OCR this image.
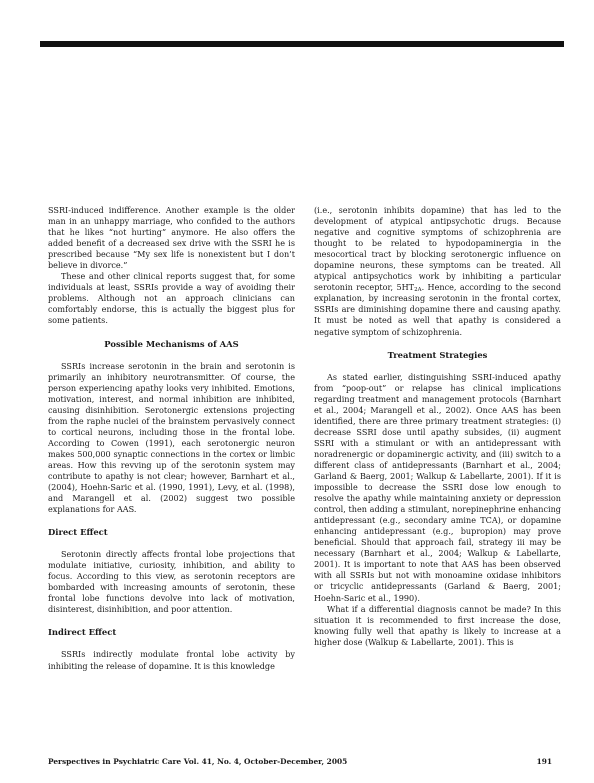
SSRI-induced indifference. Another example is the older man in an unhappy marriage, who confided to the authors that he likes “not hurting” anymore. He also offers the added benefit of a decreased sex drive with the SSRI he is prescribed because “My sex life is nonexistent but I don’t believe in divorce.”

These and other clinical reports suggest that, for some individuals at least, SSRIs provide a way of avoiding their problems. Although not an approach clinicians can comfortably endorse, this is actually the biggest plus for some patients.

Possible Mechanisms of AAS

SSRIs increase serotonin in the brain and serotonin is primarily an inhibitory neurotransmitter. Of course, the person experiencing apathy looks very inhibited. Emotions, motivation, interest, and normal inhibition are inhibited, causing disinhibition. Serotonergic extensions projecting from the raphe nuclei of the brainstem pervasively connect to cortical neurons, including those in the frontal lobe. According to Cowen (1991), each serotonergic neuron makes 500,000 synaptic connections in the cortex or limbic areas. How this revving up of the serotonin system may contribute to apathy is not clear; however, Barnhart et al., (2004), Hoehn-Saric et al. (1990, 1991), Levy, et al. (1998), and Marangell et al. (2002) suggest two possible explanations for AAS.

Direct Effect

Serotonin directly affects frontal lobe projections that modulate initiative, curiosity, inhibition, and ability to focus. According to this view, as serotonin receptors are bombarded with increasing amounts of serotonin, these frontal lobe functions devolve into lack of motivation, disinterest, disinhibition, and poor attention.

Indirect Effect

SSRIs indirectly modulate frontal lobe activity by inhibiting the release of dopamine. It is this knowledge

(i.e., serotonin inhibits dopamine) that has led to the development of atypical antipsychotic drugs. Because negative and cognitive symptoms of schizophrenia are thought to be related to hypodopaminergia in the mesocortical tract by blocking serotonergic influence on dopamine neurons, these symptoms can be treated. All atypical antipsychotics work by inhibiting a particular serotonin receptor, $5HT_{2A}$. Hence, according to the second explanation, by increasing serotonin in the frontal cortex, SSRIs are diminishing dopamine there and causing apathy. It must be noted as well that apathy is considered a negative symptom of schizophrenia.

Treatment Strategies

As stated earlier, distinguishing SSRI-induced apathy from “poop-out” or relapse has clinical implications regarding treatment and management protocols (Barnhart et al., 2004; Marangell et al., 2002). Once AAS has been identified, there are three primary treatment strategies: (i) decrease SSRI dose until apathy subsides, (ii) augment SSRI with a stimulant or with an antidepressant with noradrenergic or dopaminergic activity, and (iii) switch to a different class of antidepressants (Barnhart et al., 2004; Garland & Baerg, 2001; Walkup & Labellarte, 2001). If it is impossible to decrease the SSRI dose low enough to resolve the apathy while maintaining anxiety or depression control, then adding a stimulant, norepinephrine enhancing antidepressant (e.g., secondary amine TCA), or dopamine enhancing antidepressant (e.g., bupropion) may prove beneficial. Should that approach fail, strategy iii may be necessary (Barnhart et al., 2004; Walkup & Labellarte, 2001). It is important to note that AAS has been observed with all SSRIs but not with monoamine oxidase inhibitors or tricyclic antidepressants (Garland & Baerg, 2001; Hoehn-Saric et al., 1990).

What if a differential diagnosis cannot be made? In this situation it is recommended to first increase the dose, knowing fully well that apathy is likely to increase at a higher dose (Walkup & Labellarte, 2001). This is

Perspectives in Psychiatric Care Vol. 41, No. 4, October-December, 2005	191
